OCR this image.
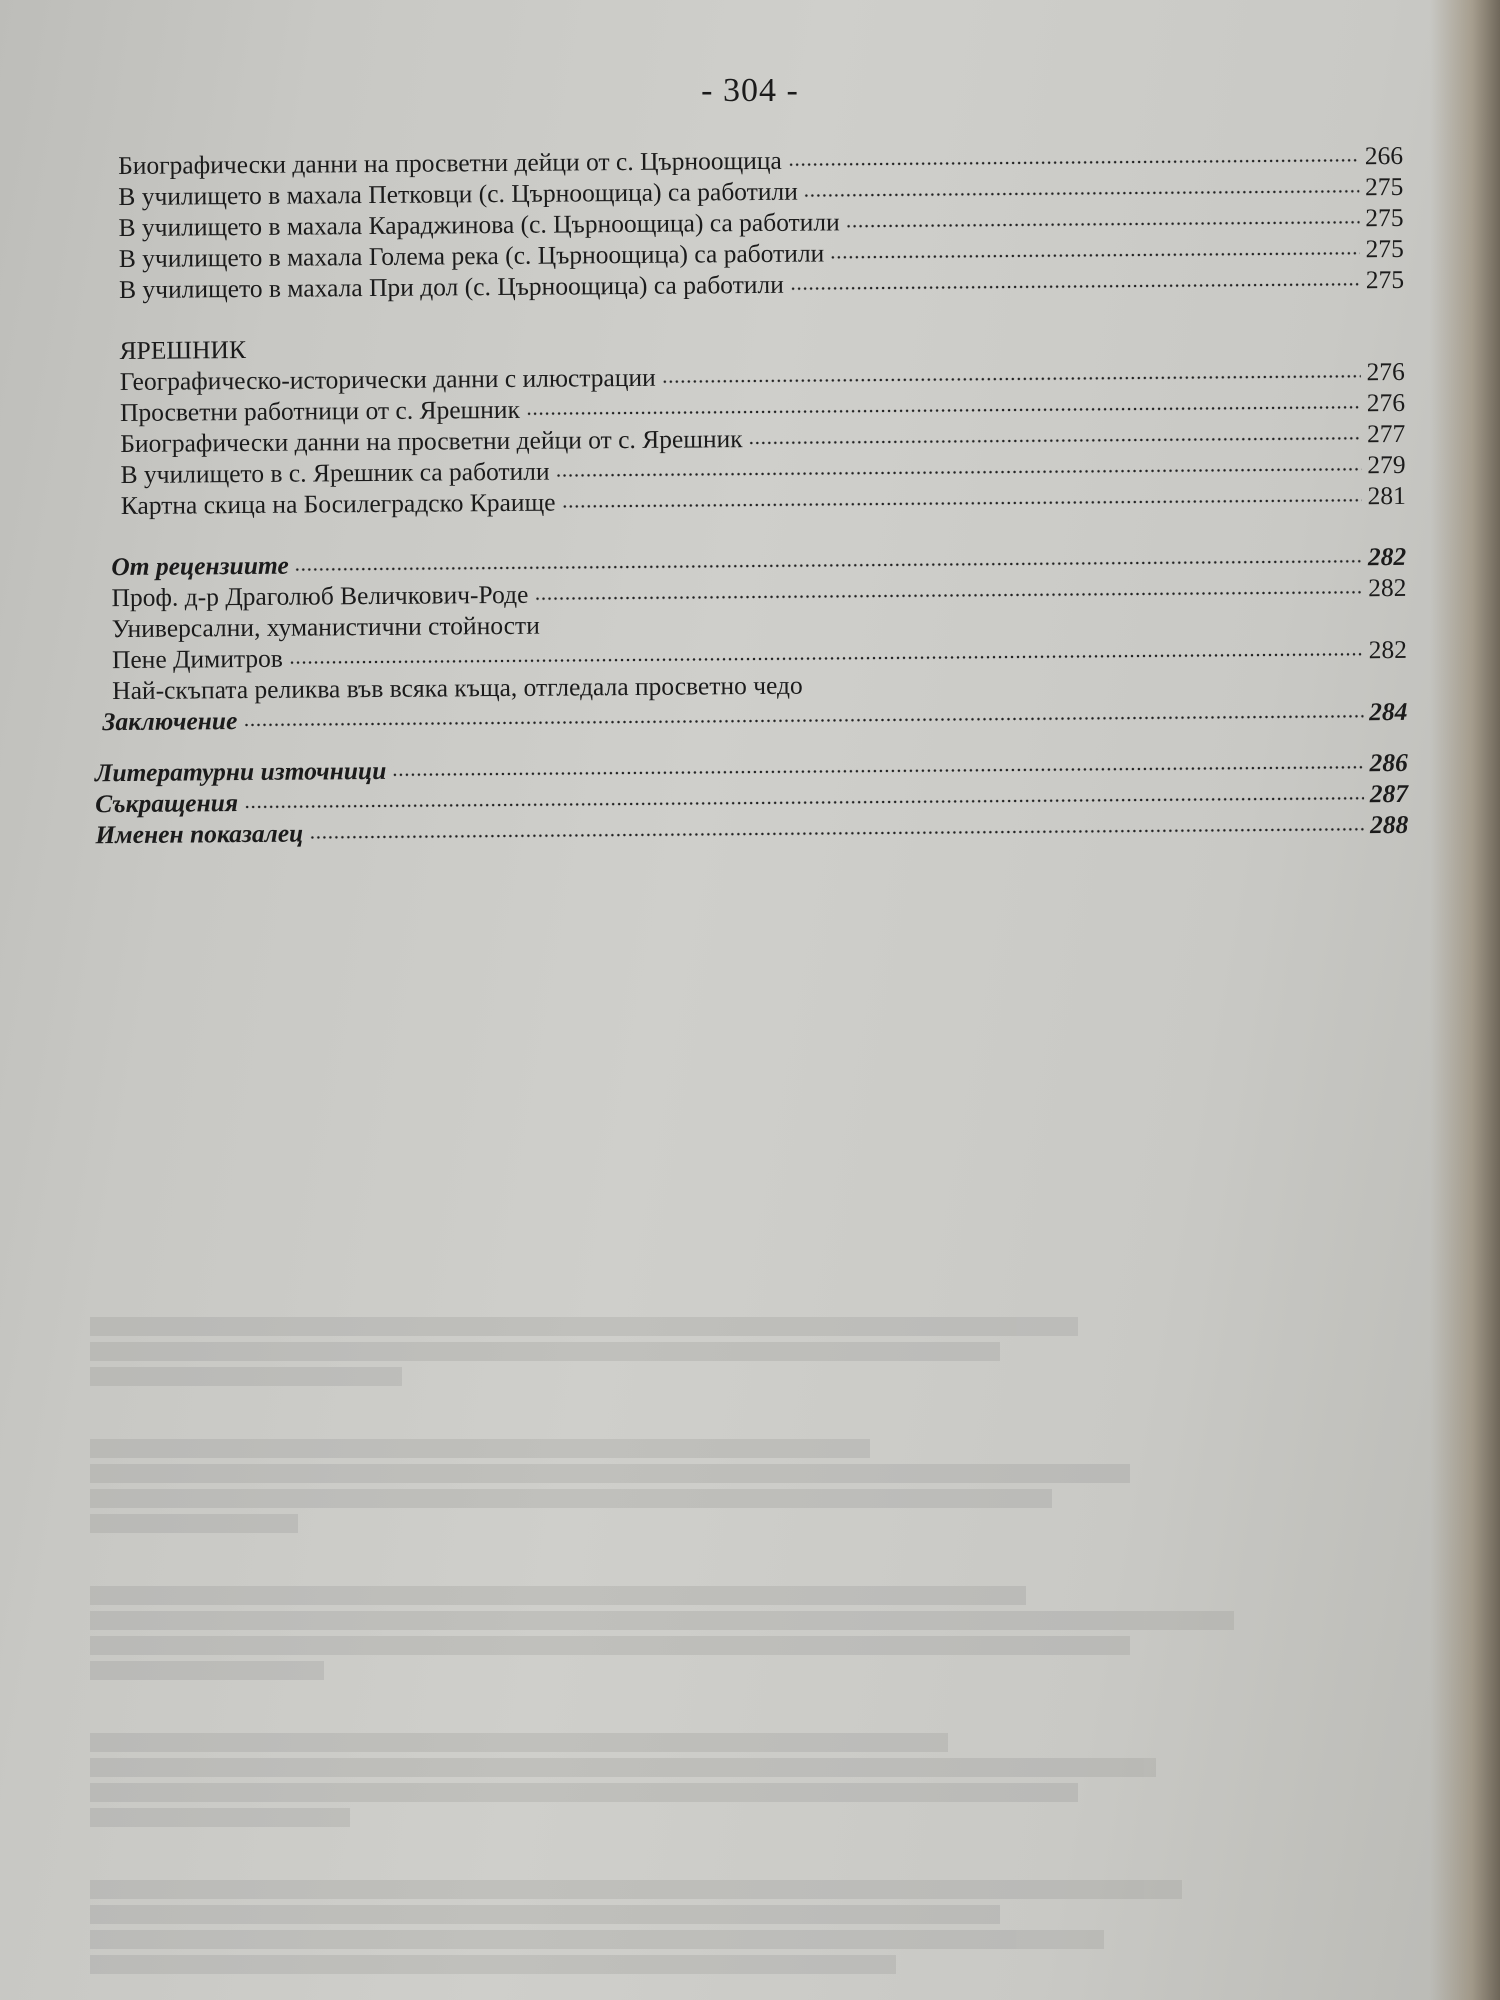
- 304 -
Биографически данни на просветни дейци от с. Църноощица	266
В училището в махала Петковци (с. Църноощица) са работили	275
В училището в махала Караджинова (с. Църноощица) са работили	275
В училището в махала Голема река (с. Църноощица) са работили	275
В училището в махала При дол (с. Църноощица) са работили	275
ЯРЕШНИК
Географическо-исторически данни с илюстрации	276
Просветни работници от с. Ярешник	276
Биографически данни на просветни дейци от с. Ярешник	277
В училището в с. Ярешник са работили	279
Картна скица на Босилеградско Краище	281
От рецензиите	282
Проф. д-р Драголюб Величкович-Роде	282
Универсални, хуманистични стойности
Пене Димитров	282
Най-скъпата реликва във всяка къща, отгледала просветно чедо
Заключение	284
Литературни източници	286
Съкращения	287
Именен показалец	288
